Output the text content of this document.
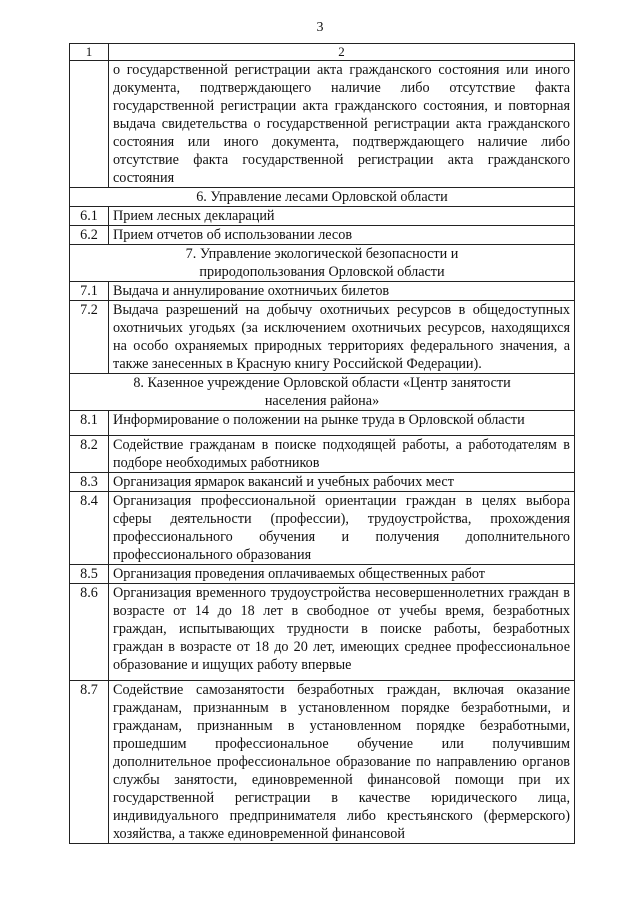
3
1	2
	о государственной регистрации акта гражданского состояния или иного документа, подтверждающего наличие либо отсутствие факта государственной регистрации акта гражданского состояния, и повторная выдача свидетельства о государственной регистрации акта гражданского состояния или иного документа, подтверждающего наличие либо отсутствие факта государственной регистрации акта гражданского состояния
6. Управление лесами Орловской области	
6.1	Прием лесных деклараций
6.2	Прием отчетов об использовании лесов
7. Управление экологической безопасности и природопользования Орловской области	
7.1	Выдача и аннулирование охотничьих билетов
7.2	Выдача разрешений на добычу охотничьих ресурсов в общедоступных охотничьих угодьях (за исключением охотничьих ресурсов, находящихся на особо охраняемых природных территориях федерального значения, а также занесенных в Красную книгу Российской Федерации).
8. Казенное учреждение Орловской области «Центр занятости населения района»	
8.1	Информирование о положении на рынке труда в Орловской области
8.2	Содействие гражданам в поиске подходящей работы, а работодателям в подборе необходимых работников
8.3	Организация ярмарок вакансий и учебных рабочих мест
8.4	Организация профессиональной ориентации граждан в целях выбора сферы деятельности (профессии), трудоустройства, прохождения профессионального обучения и получения дополнительного профессионального образования
8.5	Организация проведения оплачиваемых общественных работ
8.6	Организация временного трудоустройства несовершеннолетних граждан в возрасте от 14 до 18 лет в свободное от учебы время, безработных граждан, испытывающих трудности в поиске работы, безработных граждан в возрасте от 18 до 20 лет, имеющих среднее профессиональное образование и ищущих работу впервые
8.7	Содействие самозанятости безработных граждан, включая оказание гражданам, признанным в установленном порядке безработными, и гражданам, признанным в установленном порядке безработными, прошедшим профессиональное обучение или получившим дополнительное профессиональное образование по направлению органов службы занятости, единовременной финансовой помощи при их государственной регистрации в качестве юридического лица, индивидуального предпринимателя либо крестьянского (фермерского) хозяйства, а также единовременной финансовой
